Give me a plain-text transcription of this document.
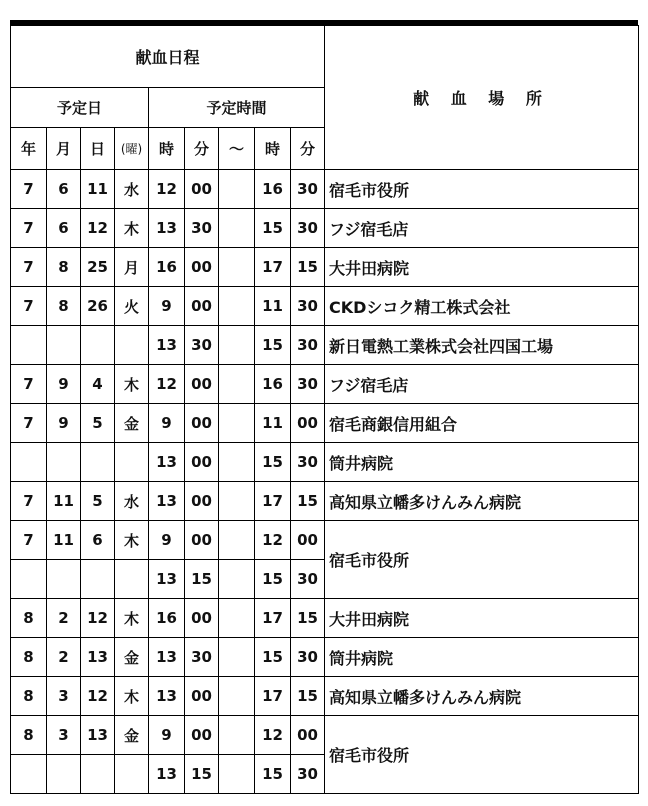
献血日程									献 血 場 所
予定日				予定時間					
年	月	日	(曜)	時	分	～	時	分	
7	6	11	水	12	00		16	30	宿毛市役所
7	6	12	木	13	30		15	30	フジ宿毛店
7	8	25	月	16	00		17	15	大井田病院
7	8	26	火	9	00		11	30	CKDシコク精工株式会社
				13	30		15	30	新日電熱工業株式会社四国工場
7	9	4	木	12	00		16	30	フジ宿毛店
7	9	5	金	9	00		11	00	宿毛商銀信用組合
				13	00		15	30	筒井病院
7	11	5	水	13	00		17	15	高知県立幡多けんみん病院
7	11	6	木	9	00		12	00	宿毛市役所
				13	15		15	30	
8	2	12	木	16	00		17	15	大井田病院
8	2	13	金	13	30		15	30	筒井病院
8	3	12	木	13	00		17	15	高知県立幡多けんみん病院
8	3	13	金	9	00		12	00	宿毛市役所
				13	15		15	30	
